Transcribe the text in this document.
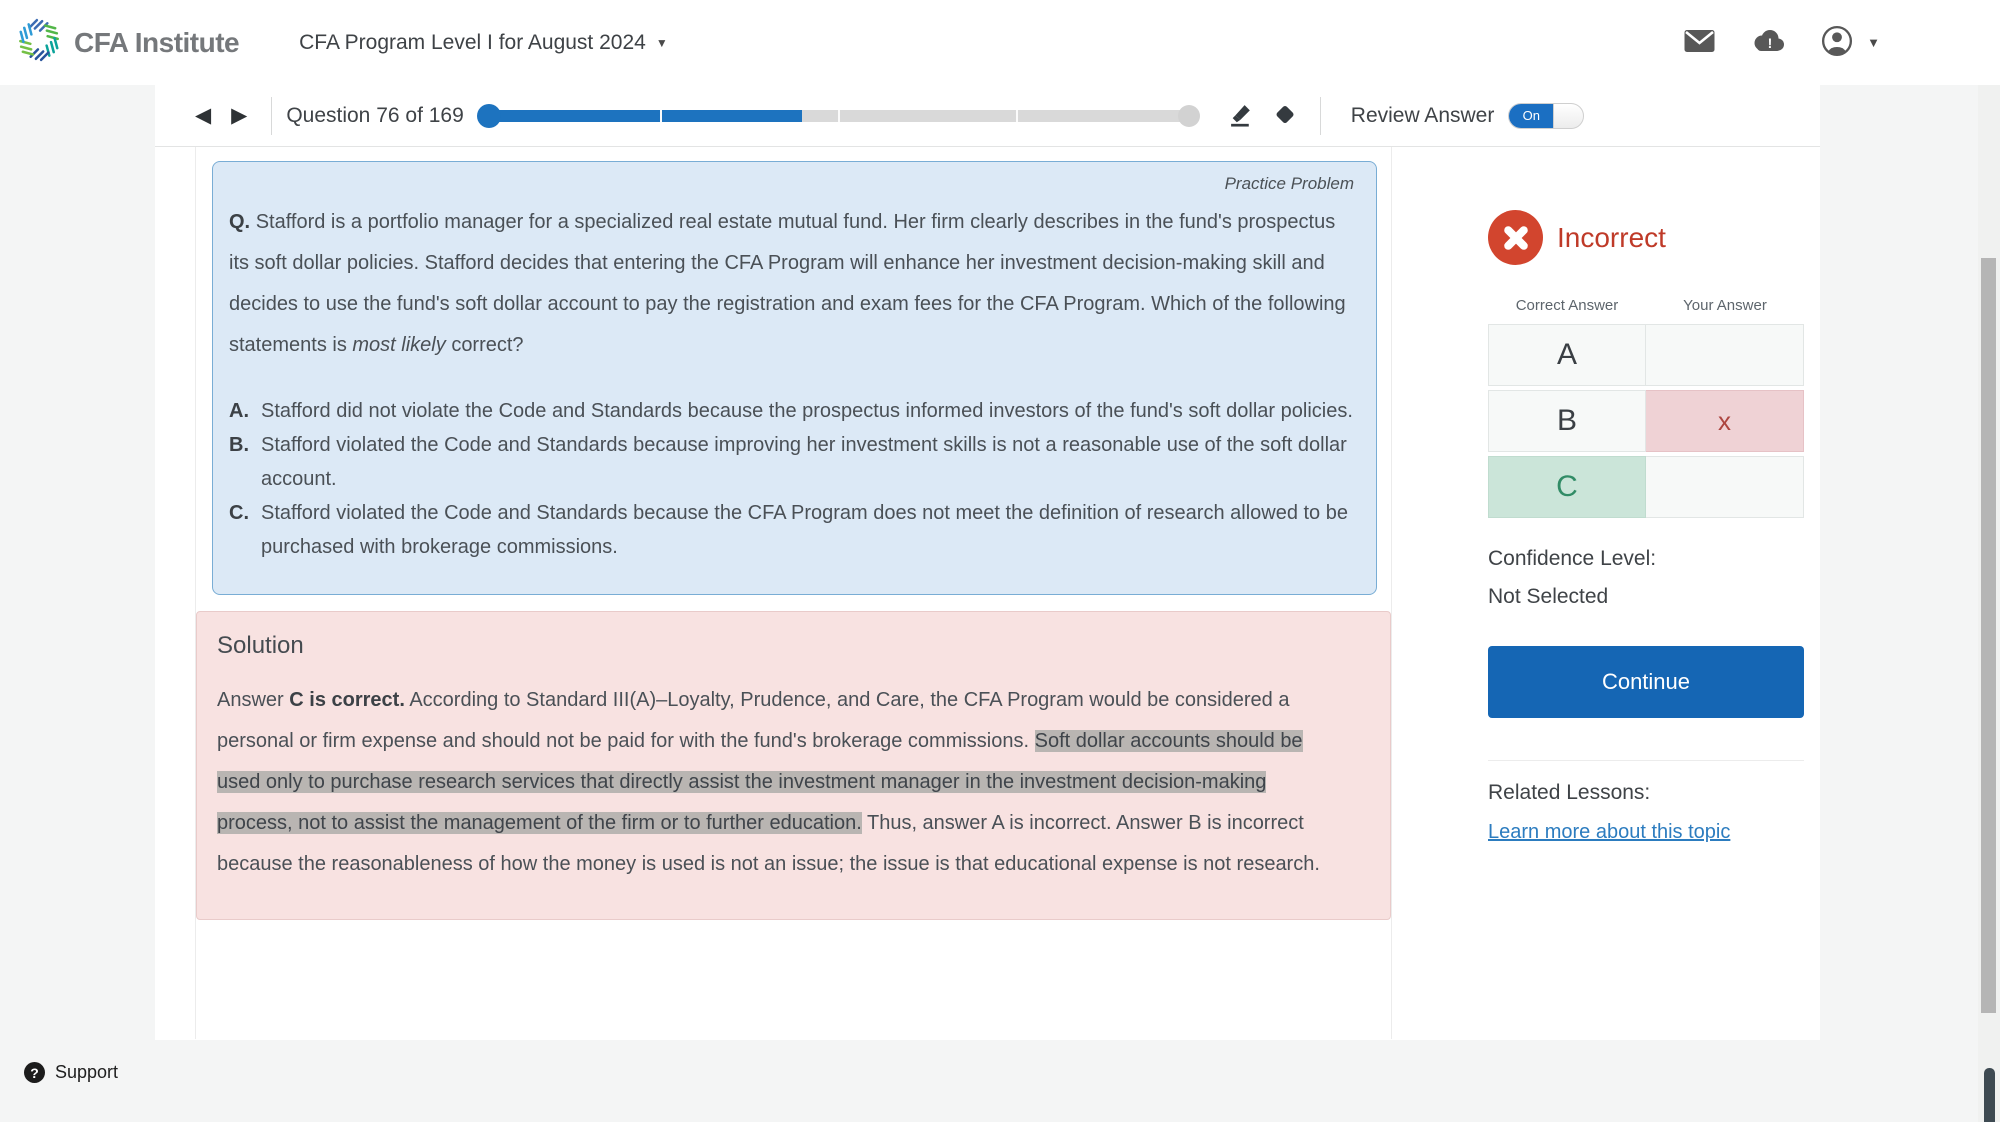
CFA Institute	CFA Program Level I for August 2024 ▼	!	▼
◀ ▶	Question 76 of 169	Review Answer	On
Practice Problem

Q. Stafford is a portfolio manager for a specialized real estate mutual fund. Her firm clearly describes in the fund's prospectus its soft dollar policies. Stafford decides that entering the CFA Program will enhance her investment decision-making skill and decides to use the fund's soft dollar account to pay the registration and exam fees for the CFA Program. Which of the following statements is most likely correct?

A. Stafford did not violate the Code and Standards because the prospectus informed investors of the fund's soft dollar policies.
B. Stafford violated the Code and Standards because improving her investment skills is not a reasonable use of the soft dollar account.
C. Stafford violated the Code and Standards because the CFA Program does not meet the definition of research allowed to be purchased with brokerage commissions.
Solution

Answer C is correct. According to Standard III(A)–Loyalty, Prudence, and Care, the CFA Program would be considered a personal or firm expense and should not be paid for with the fund's brokerage commissions. Soft dollar accounts should be used only to purchase research services that directly assist the investment manager in the investment decision-making process, not to assist the management of the firm or to further education. Thus, answer A is incorrect. Answer B is incorrect because the reasonableness of how the money is used is not an issue; the issue is that educational expense is not research.

Incorrect
Correct Answer	Your Answer
A
B	x
C
Confidence Level:
Not Selected
Continue
Related Lessons:
Learn more about this topic
? Support
